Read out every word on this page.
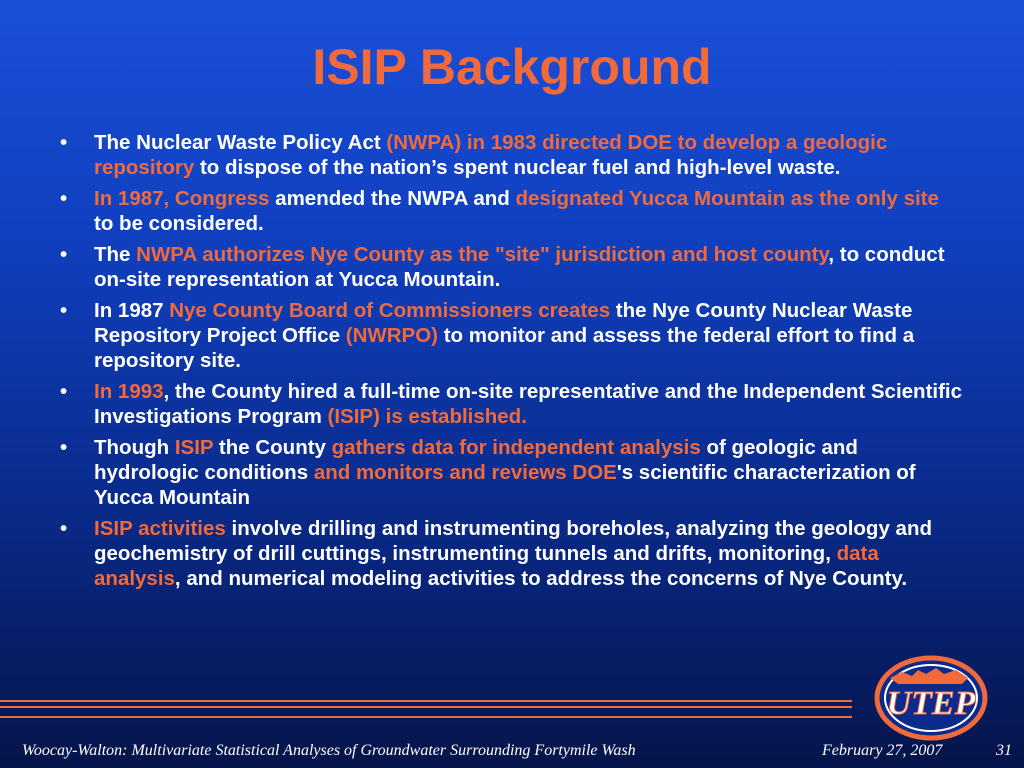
ISIP Background
• The Nuclear Waste Policy Act (NWPA) in 1983 directed DOE to develop a geologic repository to dispose of the nation’s spent nuclear fuel and high-level waste.
• In 1987, Congress amended the NWPA and designated Yucca Mountain as the only site to be considered.
• The NWPA authorizes Nye County as the "site" jurisdiction and host county, to conduct on-site representation at Yucca Mountain.
• In 1987 Nye County Board of Commissioners creates the Nye County Nuclear Waste Repository Project Office (NWRPO) to monitor and assess the federal effort to find a repository site.
• In 1993, the County hired a full-time on-site representative and the Independent Scientific Investigations Program (ISIP) is established.
• Though ISIP the County gathers data for independent analysis of geologic and hydrologic conditions and monitors and reviews DOE's scientific characterization of Yucca Mountain
• ISIP activities involve drilling and instrumenting boreholes, analyzing the geology and geochemistry of drill cuttings, instrumenting tunnels and drifts, monitoring, data analysis, and numerical modeling activities to address the concerns of Nye County.
UTEP
Woocay-Walton: Multivariate Statistical Analyses of Groundwater Surrounding Fortymile Wash	February 27, 2007	31
